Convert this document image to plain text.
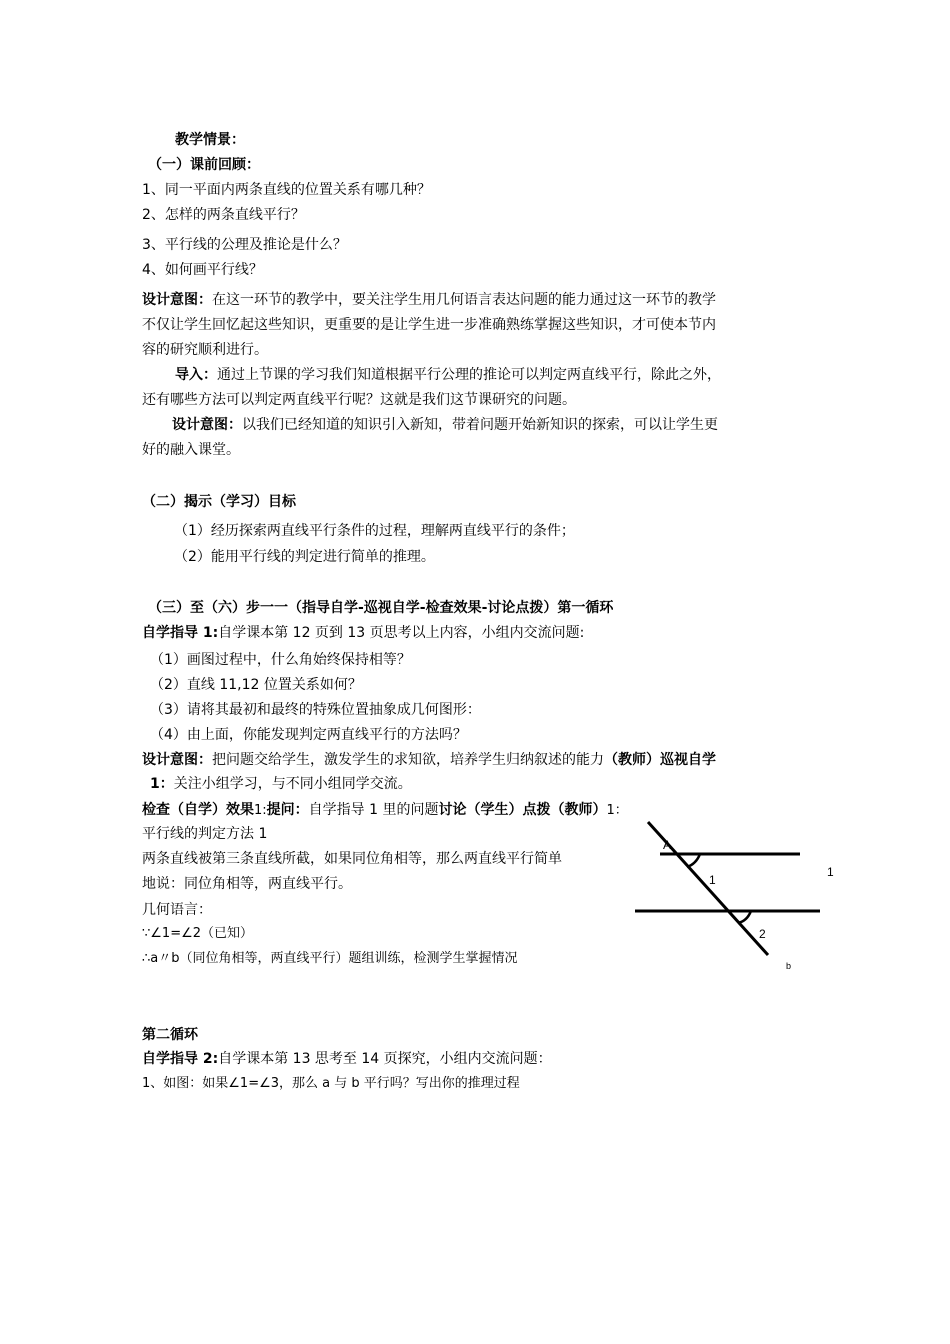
教学情景：
（一）课前回顾：
1、同一平面内两条直线的位置关系有哪几种？
2、怎样的两条直线平行？
3、平行线的公理及推论是什么？
4、如何画平行线？
设计意图：在这一环节的教学中，要关注学生用几何语言表达问题的能力通过这一环节的教学
不仅让学生回忆起这些知识，更重要的是让学生进一步准确熟练掌握这些知识，才可使本节内
容的研究顺利进行。
导入：通过上节课的学习我们知道根据平行公理的推论可以判定两直线平行，除此之外，
还有哪些方法可以判定两直线平行呢？这就是我们这节课研究的问题。
设计意图：以我们已经知道的知识引入新知，带着问题开始新知识的探索，可以让学生更
好的融入课堂。
（二）揭示（学习）目标
（1）经历探索两直线平行条件的过程，理解两直线平行的条件；
（2）能用平行线的判定进行简单的推理。
（三）至（六）步一一（指导自学-巡视自学-检查效果-讨论点拨）第一循环
自学指导 1:自学课本第 12 页到 13 页思考以上内容，小组内交流问题:
（1）画图过程中，什么角始终保持相等？
（2）直线 11,12 位置关系如何？
（3）请将其最初和最终的特殊位置抽象成几何图形：
（4）由上面，你能发现判定两直线平行的方法吗？
设计意图：把问题交给学生，激发学生的求知欲，培养学生归纳叙述的能力（教师）巡视自学
1：关注小组学习，与不同小组同学交流。
检查（自学）效果1:提问：自学指导 1 里的问题讨论（学生）点拨（教师）1：
平行线的判定方法 1
两条直线被第三条直线所截，如果同位角相等，那么两直线平行简单
地说：同位角相等，两直线平行。
几何语言：
∵∠1=∠2（已知）
∴a〃b（同位角相等，两直线平行）题组训练，检测学生掌握情况
A
1
2
1
b
第二循环
自学指导 2:自学课本第 13 思考至 14 页探究，小组内交流问题：
1、如图：如果∠1=∠3，那么 a 与 b 平行吗？写出你的推理过程
